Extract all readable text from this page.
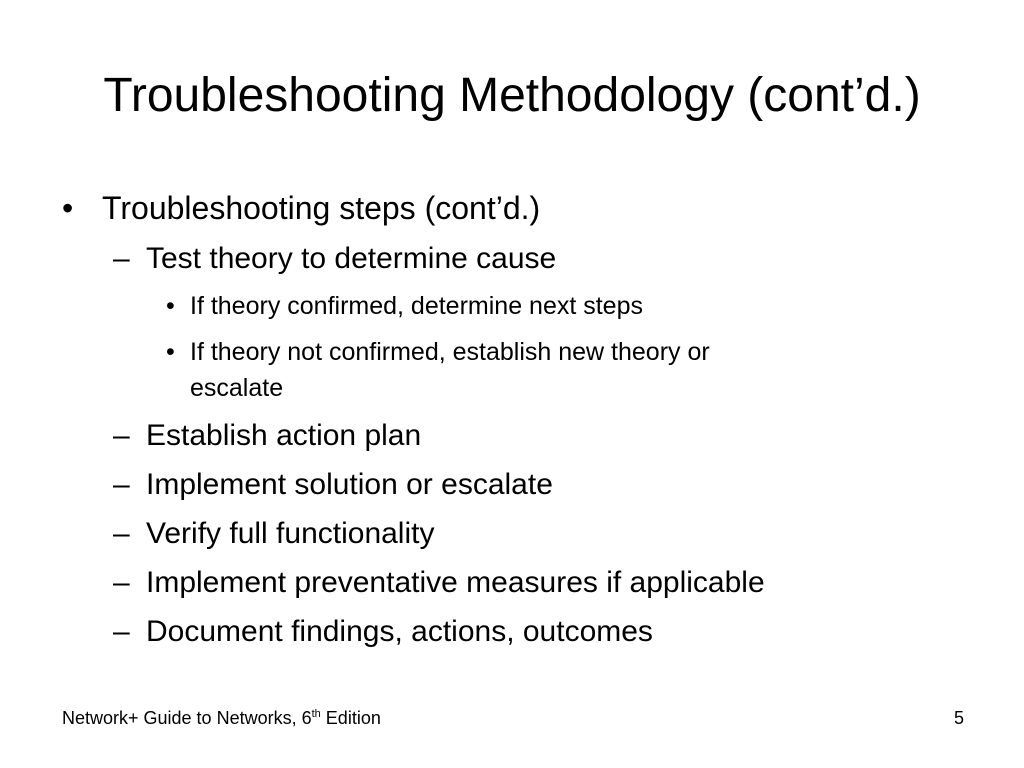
Troubleshooting Methodology (cont’d.)
• Troubleshooting steps (cont’d.)
– Test theory to determine cause
• If theory confirmed, determine next steps
• If theory not confirmed, establish new theory or
escalate
– Establish action plan
– Implement solution or escalate
– Verify full functionality
– Implement preventative measures if applicable
– Document findings, actions, outcomes
Network+ Guide to Networks, 6th Edition	5
